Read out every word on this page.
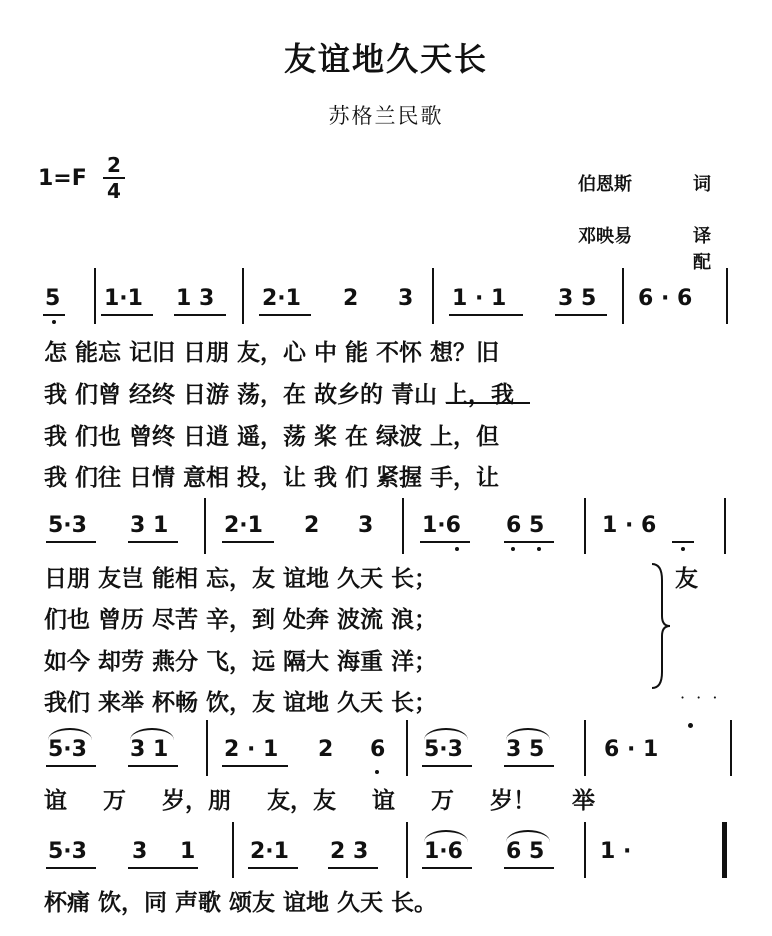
友谊地久天长
苏格兰民歌
1=F
2
4	伯恩斯	词
邓映易	译配
5 1·1 1 3 2·1 2 3 1 · 1 3 5 6 · 6
怎 能忘 记旧 日朋 友，心 中 能 不怀 想？旧
我 们曾 经终 日游 荡，在 故乡的 青山 上，我
我 们也 曾终 日逍 遥，荡 桨 在 绿波 上，但
我 们往 日情 意相 投，让 我 们 紧握 手，让
5·3 3 1	2·1 2 3 1·6 6 5	1 · 6
日朋 友岂 能相 忘，友 谊地 久天 长；
们也 曾历 尽苦 辛，到 处奔 波流 浪；
如今 却劳 燕分 飞，远 隔大 海重 洋；
我们 来举 杯畅 饮，友 谊地 久天 长；
友
· · ·
5·3 3 1	2 · 1 2 6 5·3 3 5	6 · 1
谊 万 岁，朋 友，友 谊 万 岁！ 举
5·3 3 1 2·1 2 3	1·6 6 5	1 ·
杯痛 饮，同 声歌 颂友 谊地 久天 长。
